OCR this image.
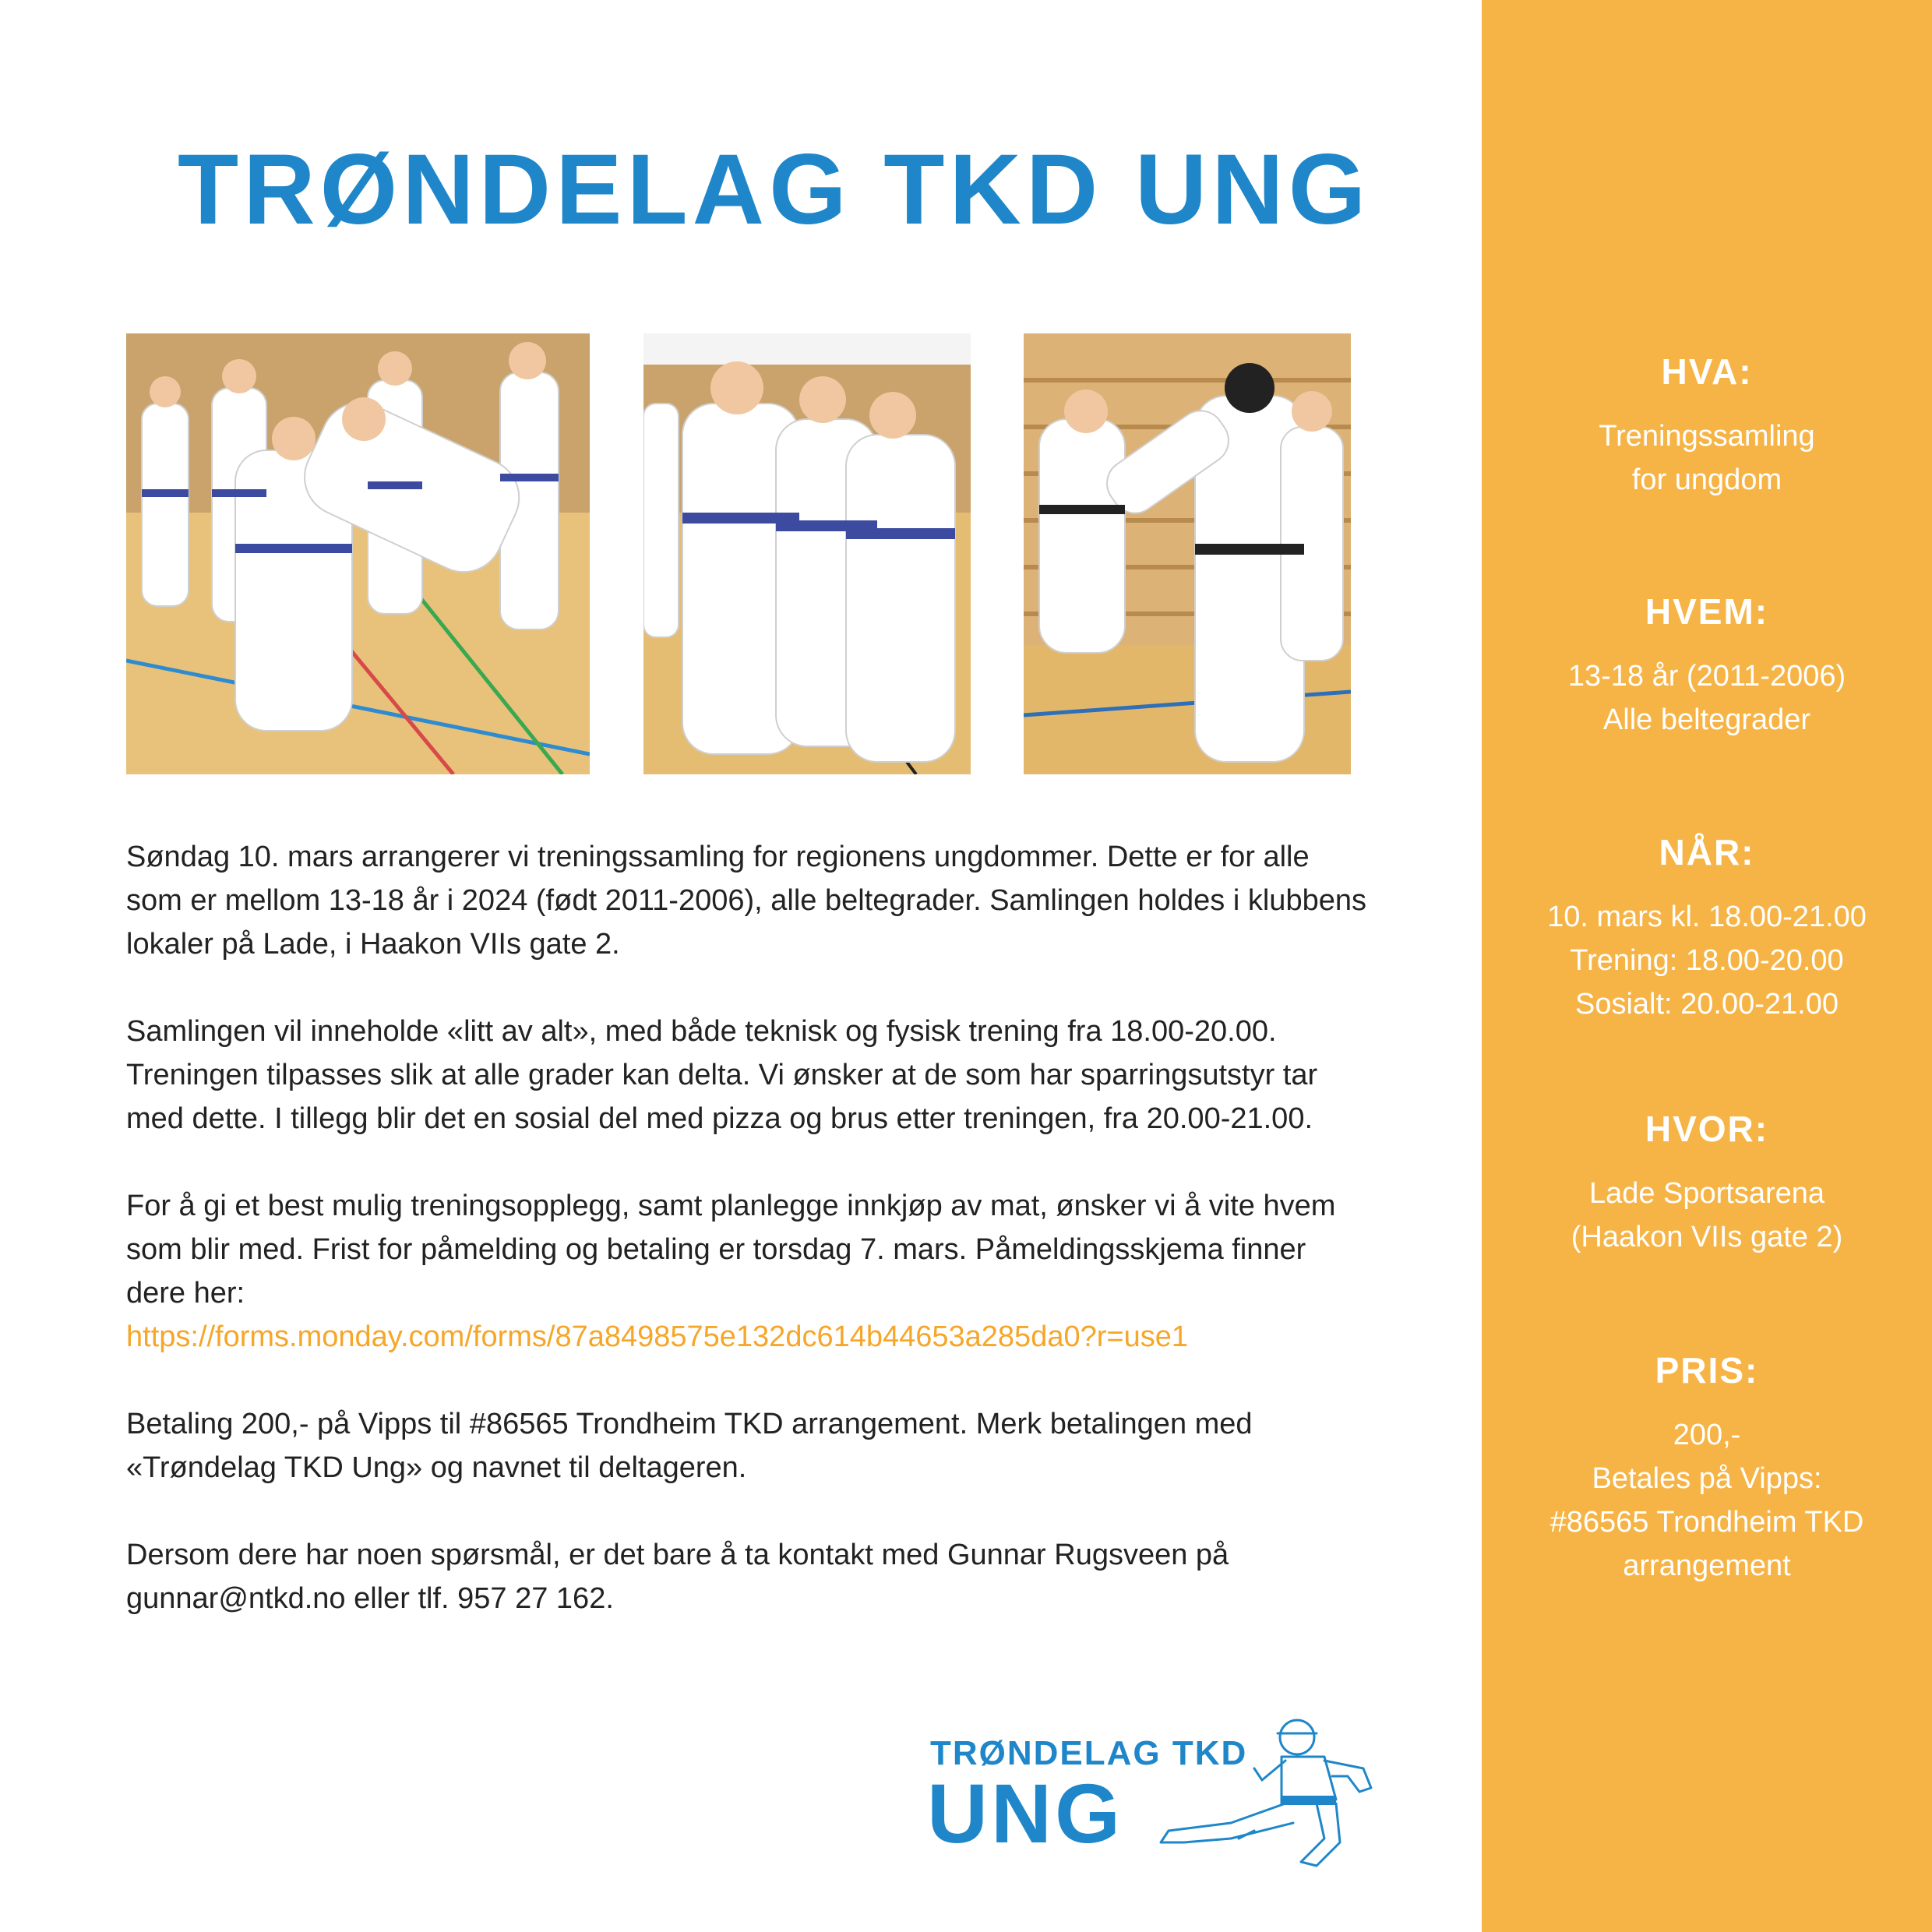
TRØNDELAG TKD UNG

Søndag 10. mars arrangerer vi treningssamling for regionens ungdommer. Dette er for alle som er mellom 13-18 år i 2024 (født 2011-2006), alle beltegrader. Samlingen holdes i klubbens lokaler på Lade, i Haakon VIIs gate 2.

Samlingen vil inneholde «litt av alt», med både teknisk og fysisk trening fra 18.00-20.00. Treningen tilpasses slik at alle grader kan delta. Vi ønsker at de som har sparringsutstyr tar med dette. I tillegg blir det en sosial del med pizza og brus etter treningen, fra 20.00-21.00.

For å gi et best mulig treningsopplegg, samt planlegge innkjøp av mat, ønsker vi å vite hvem som blir med. Frist for påmelding og betaling er torsdag 7. mars. Påmeldingsskjema finner dere her:
https://forms.monday.com/forms/87a8498575e132dc614b44653a285da0?r=use1

Betaling 200,- på Vipps til #86565 Trondheim TKD arrangement. Merk betalingen med «Trøndelag TKD Ung» og navnet til deltageren.

Dersom dere har noen spørsmål, er det bare å ta kontakt med Gunnar Rugsveen på gunnar@ntkd.no eller tlf. 957 27 162.

HVA:
Treningssamling
for ungdom
HVEM:
13-18 år (2011-2006)
Alle beltegrader
NÅR:
10. mars kl. 18.00-21.00
Trening: 18.00-20.00
Sosialt: 20.00-21.00
HVOR:
Lade Sportsarena
(Haakon VIIs gate 2)
PRIS:
200,-
Betales på Vipps:
#86565 Trondheim TKD
arrangement
TRØNDELAG TKD
UNG
